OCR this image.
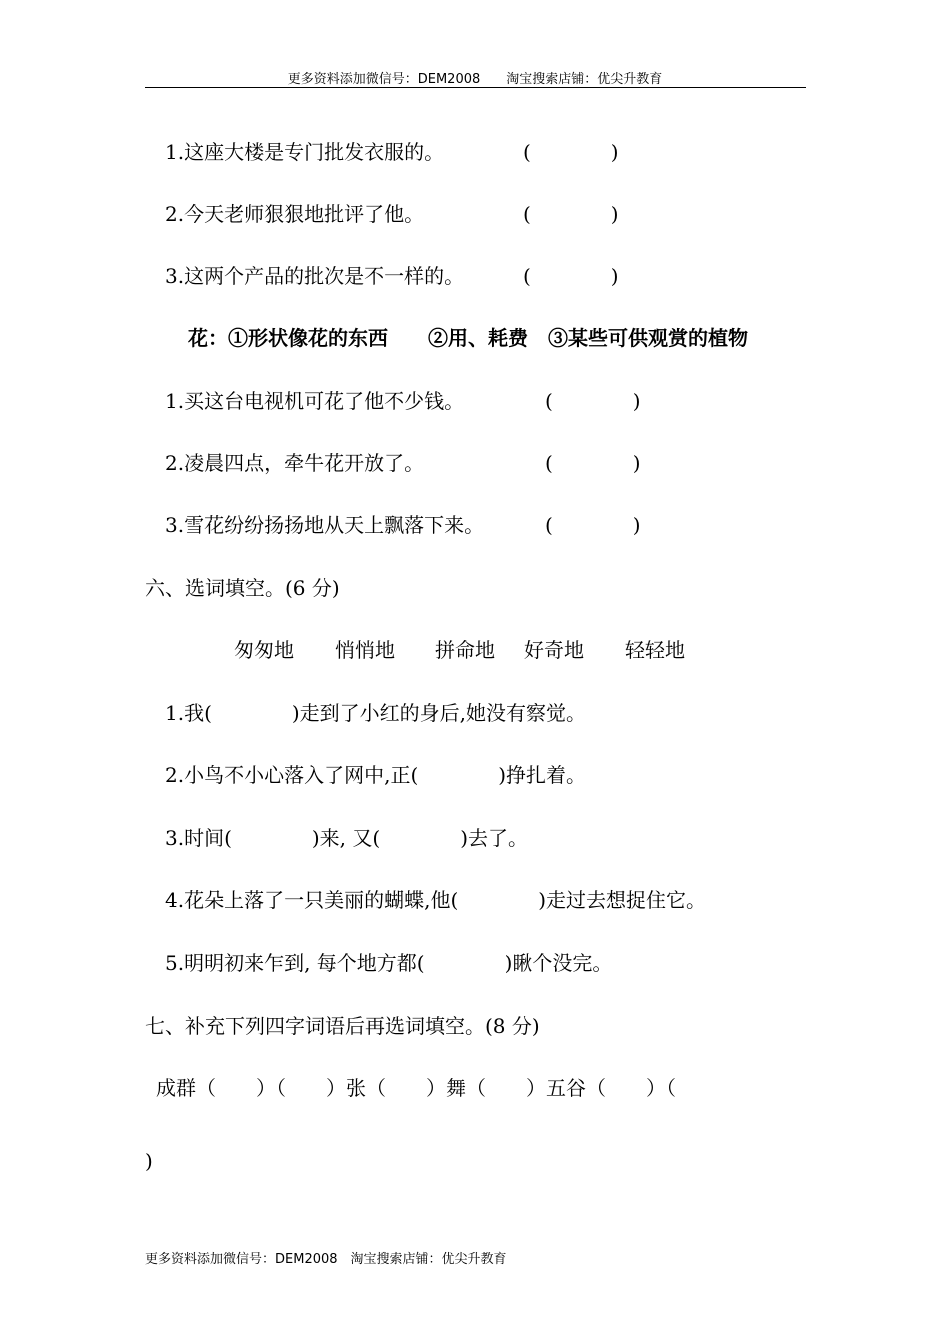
更多资料添加微信号：DEM2008　　淘宝搜索店铺：优尖升教育
1.这座大楼是专门批发衣服的。	(　　　　)
2.今天老师狠狠地批评了他。	(　　　　)
3.这两个产品的批次是不一样的。	(　　　　)
花：①形状像花的东西　　②用、耗费　③某些可供观赏的植物
1.买这台电视机可花了他不少钱。	(　　　　)
2.凌晨四点，牵牛花开放了。	(　　　　)
3.雪花纷纷扬扬地从天上飘落下来。	(　　　　)
六、选词填空。(6 分)
匆匆地 悄悄地 拼命地 好奇地 轻轻地
1.我(　　　　)走到了小红的身后,她没有察觉。
2.小鸟不小心落入了网中,正(　　　　)挣扎着。
3.时间(　　　　)来, 又(　　　　)去了。
4.花朵上落了一只美丽的蝴蝶,他(　　　　)走过去想捉住它。
5.明明初来乍到, 每个地方都(　　　　)瞅个没完。
七、补充下列四字词语后再选词填空。(8 分)
成群（　　）（　　）张（　　）舞（　　）五谷（　　）（
)
更多资料添加微信号：DEM2008　淘宝搜索店铺：优尖升教育
